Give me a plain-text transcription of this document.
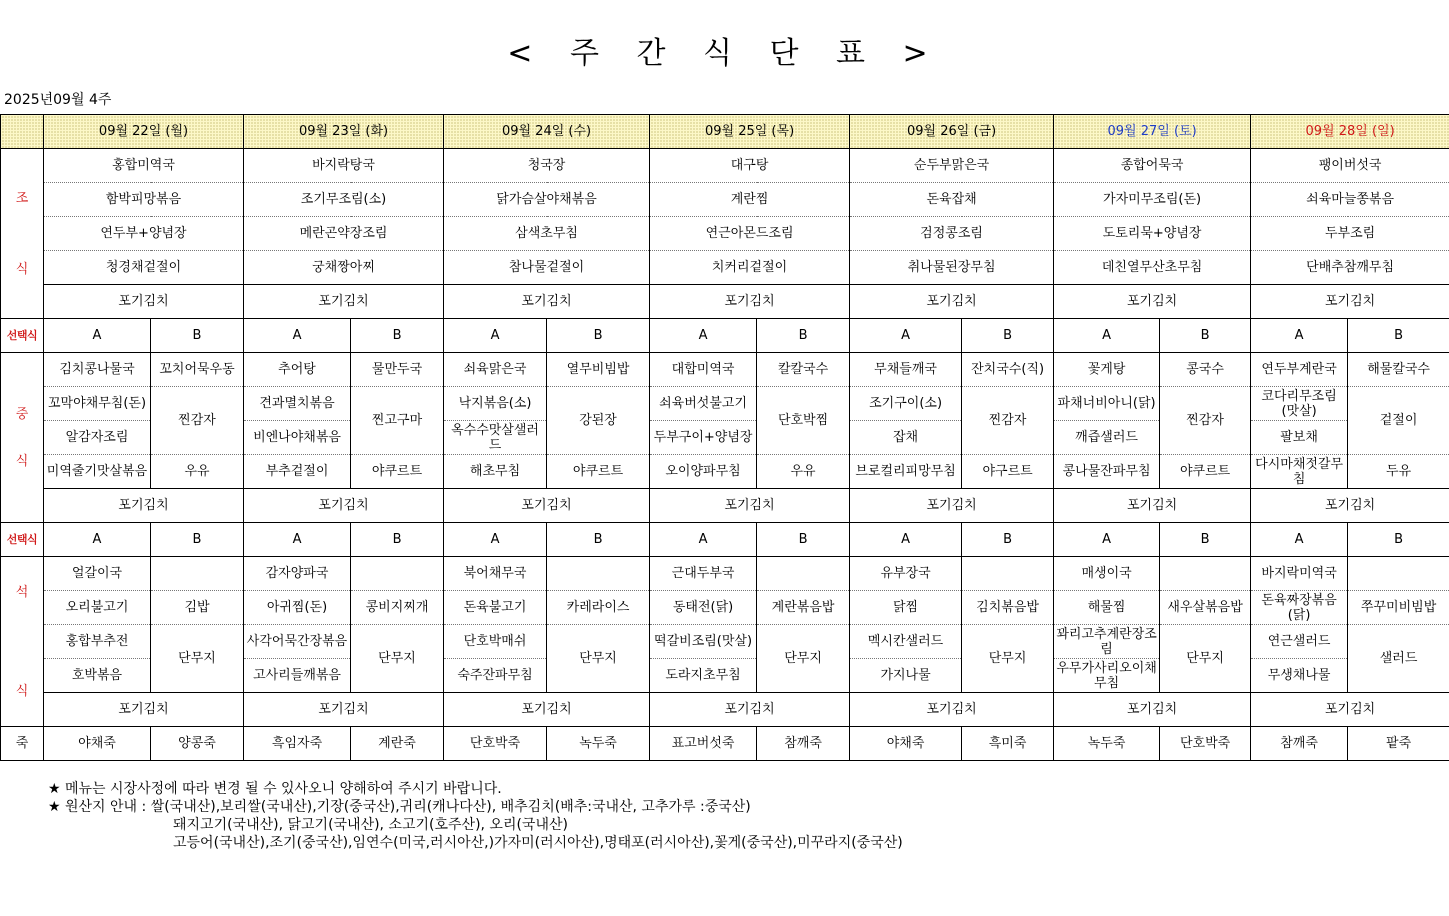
< 주 간 식 단 표 >
2025년09월 4주
	09월 22일 (월)		09월 23일 (화)		09월 24일 (수)		09월 25일 (목)		09월 26일 (금)		09월 27일 (토)		09월 28일 (일)	

조
식	홍합미역국		바지락탕국		청국장		대구탕		순두부맑은국		종합어묵국		팽이버섯국	
	함박피망볶음		조기무조림(소)		닭가슴살야채볶음		계란찜		돈육잡채		가자미무조림(돈)		쇠육마늘쫑볶음	
	연두부+양념장		메란곤약장조림		삼색초무침		연근아몬드조림		검정콩조림		도토리묵+양념장		두부조림	
	청경채겉절이		궁채짱아찌		참나물겉절이		치커리겉절이		취나물된장무침		데친열무산초무침		단배추참깨무침	
	포기김치		포기김치		포기김치		포기김치		포기김치		포기김치		포기김치	
선택식	A	B	A	B	A	B	A	B	A	B	A	B	A	B

중
식	김치콩나물국	꼬치어묵우동	추어탕	물만두국	쇠육맑은국	열무비빔밥	대합미역국	칼칼국수	무채들깨국	잔치국수(직)	꽃게탕	콩국수	연두부계란국	해물칼국수
	꼬막야채무침(돈)	찐감자	견과멸치볶음	찐고구마	낙지볶음(소)	강된장	쇠육버섯불고기	단호박찜	조기구이(소)	찐감자	파채너비아니(닭)	찐감자	코다리무조림(맛살)	겉절이
	알감자조림		비엔나야채볶음		옥수수맛살샐러드		두부구이+양념장		잡채		깨즙샐러드		팔보채	
	미역줄기맛살볶음	우유	부추겉절이	야쿠르트	해초무침	야쿠르트	오이양파무침	우유	브로컬리피망무침	야구르트	콩나물잔파무침	야쿠르트	다시마채젓갈무침	두유
	포기김치		포기김치		포기김치		포기김치		포기김치		포기김치		포기김치	
선택식	A	B	A	B	A	B	A	B	A	B	A	B	A	B

석
식	얼갈이국		감자양파국		북어채무국		근대두부국		유부장국		매생이국		바지락미역국	
	오리불고기	김밥	아귀찜(돈)	콩비지찌개	돈육불고기	카레라이스	동태전(닭)	계란볶음밥	닭찜	김치볶음밥	해물찜	새우살볶음밥	돈육짜장볶음(닭)	쭈꾸미비빔밥
	홍합부추전	단무지	사각어묵간장볶음	단무지	단호박매쉬	단무지	떡갈비조림(맛살)	단무지	멕시칸샐러드	단무지	꽈리고추계란장조림	단무지	연근샐러드	샐러드
	호박볶음		고사리들깨볶음		숙주잔파무침		도라지초무침		가지나물		우무가사리오이채무침		무생채나물	
	포기김치		포기김치		포기김치		포기김치		포기김치		포기김치		포기김치	
죽	야채죽	양콩죽	흑임자죽	계란죽	단호박죽	녹두죽	표고버섯죽	참깨죽	야채죽	흑미죽	녹두죽	단호박죽	참깨죽	팥죽
★ 메뉴는 시장사정에 따라 변경 될 수 있사오니 양해하여 주시기 바랍니다.
★ 원산지 안내 : 쌀(국내산),보리쌀(국내산),기장(중국산),귀리(캐나다산), 배추김치(배추:국내산, 고추가루 :중국산)
돼지고기(국내산), 닭고기(국내산), 소고기(호주산), 오리(국내산)
고등어(국내산),조기(중국산),임연수(미국,러시아산,)가자미(러시아산),명태포(러시아산),꽃게(중국산),미꾸라지(중국산)
